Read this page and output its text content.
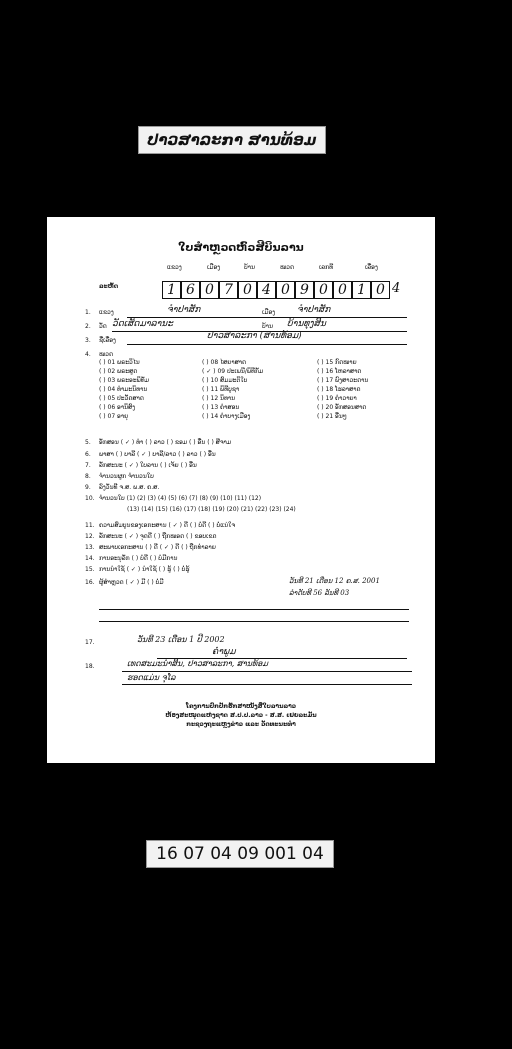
ປາວສາລະກາ ສານທ້ອມ
ໃບສຳຫຼວດຫົວສີບິນລານ
ແຂວງ	ເມືອງ	ບ້ານ	ໝວດ	ເລກທີ	ເລື່ອງ
ລະຫັດ	1 6 0 7 0 4 0 9 0 0 1 0 4
1. ແຂວງ	ຈຳປາສັກ	ເມືອງ ຈຳປາສັກ
2. ວັດ ວັດເສັດມາລານະ	ບ້ານ ບ້ານທຸງສິນ
3. ຊື່ເລື່ອງ	ປາວສາລະກາ (ສານທ້ອມ)
4. ໝວດ
( ) 01 ພຣະວິໄນ
( ) 02 ພຣະສູດ
( ) 03 ພຣະອະພິທັມ
( ) 04 ທຳມະນິທານ
( ) 05 ປະວັດສາດ
( ) 06 ອານິສົງ
( ) 07 ອາຍຸ
( ) 08 ໄສຍາສາດ
( ✓ ) 09 ປະເພນີ/ພິທີກັມ
( ) 10 ສົມມະຕິໃບ
( ) 11 ພິທີບູຊາ
( ) 12 ນິທານ
( ) 13 ຄຳສອນ
( ) 14 ຄຳບາງເມືອງ
( ) 15 ກົດໝາຍ
( ) 16 ໂຫລາສາດ
( ) 17 ພົງສາວະດານ
( ) 18 ໂຮລາສາດ
( ) 19 ຄຳວາຍາ
( ) 20 ອັກສອນສາດ
( ) 21 ອື່ນໆ
5. ອັກສອນ ( ✓ ) ທຳ ( ) ລາວ ( ) ຂອມ ( ) ອື່ນ ( ) ສີຈາມ
6. ພາສາ ( ) ບາລີ ( ✓ ) ບາລີ/ລາວ ( ) ລາວ ( ) ອື່ນ
7. ລັກສະນະ ( ✓ ) ໃບລານ ( ) ເຈ້ຍ ( ) ອື່ນ
8. ຈຳນວນຜູກ ຈຳນວນໃບ
9. ລົງວັນທີ ຈ.ສ. ພ.ສ. ຄ.ສ.
10. ຈຳນວນໃບ (1) (2) (3) (4) (5) (6) (7) (8) (9) (10) (11) (12)
(13) (14) (15) (16) (17) (18) (19) (20) (21) (22) (23) (24)
11. ຄວາມສົມບູນຂອງເອກະສານ ( ✓ ) ດີ ( ) ບໍ່ດີ ( ) ບໍ່ແນ່ໃຈ
12. ລັກສະນະ ( ✓ ) ຈຸດດີ ( ) ຖືກໝອດ ( ) ຂອບເຂດ
13. ສະພາບເອກະສານ ( ) ດີ ( ✓ ) ດີ ( ) ຖືກທຳລາຍ
14. ການອະນຸລັກ ( ) ບໍ່ດີ ( ) ບໍ່ມີການ
15. ການນຳໃຊ້ ( ✓ ) ນຳໃຊ້ ( ) ຮູ້ ( ) ບໍ່ຮູ້
16. ຜູ້ສຳຫຼວດ ( ✓ ) ມີ ( ) ບໍ່ມີ	ວັນທີ 21 ເດືອນ 12 ຄ.ສ. 2001
ລຳດັບທີ 56 ລັນທີ 03
17.	ວັນທີ 23 ເດືອນ 1 ປີ 2002
ຄຳພູມ
18.	ເທດສະມະນຳສິນ, ປາວສາລະກາ, ສານທ້ອມ
ຮອດແມ່ນ ຈຸໂລ
ໂຄງການປົກປັກຮັກສາໜັງສືໃບລານລາວ
ຫ້ອງສະໝຸດແຫ່ງຊາດ ສ.ປ.ປ.ລາວ - ສ.ສ. ເຢຍລະມັນ
ກະຊວງຖະແຫຼງຂ່າວ ແລະ ວັດທະນະທຳ
16 07 04 09 001 04
